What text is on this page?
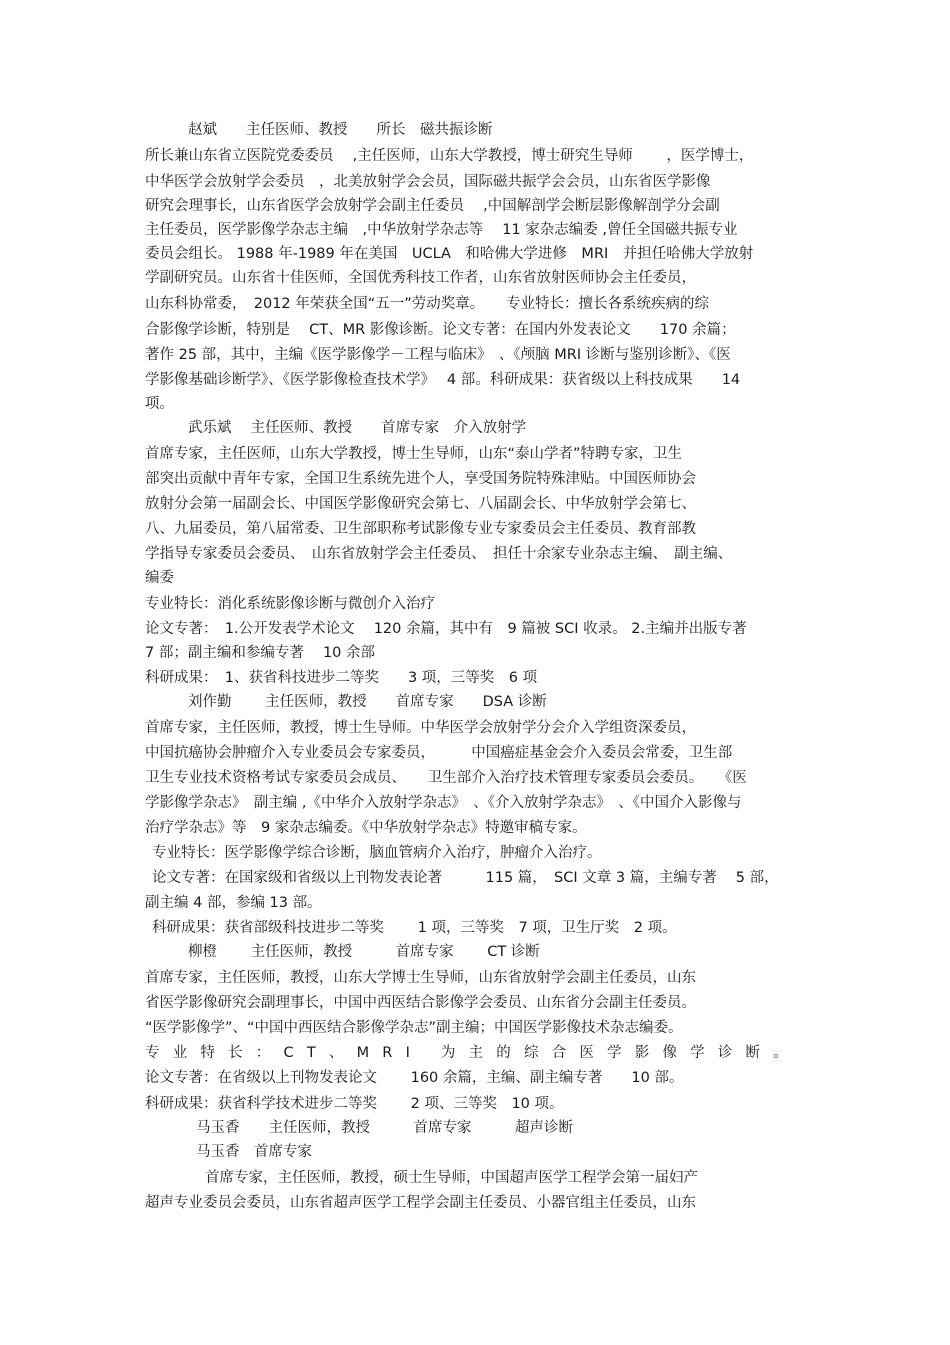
赵斌　　主任医师、教授　　所长　磁共振诊断
所长兼山东省立医院党委委员　 ,主任医师，山东大学教授，博士研究生导师　　 ，医学博士，
中华医学会放射学会委员　，北美放射学会会员，国际磁共振学会会员，山东省医学影像
研究会理事长，山东省医学会放射学会副主任委员　 ,中国解剖学会断层影像解剖学分会副
主任委员，医学影像学杂志主编　,中华放射学杂志等　 11 家杂志编委 ,曾任全国磁共振专业
委员会组长。 1988 年-1989 年在美国　UCLA　和哈佛大学进修　MRI　并担任哈佛大学放射
学副研究员。山东省十佳医师，全国优秀科技工作者，山东省放射医师协会主任委员，
山东科协常委，　2012 年荣获全国“五一”劳动奖章。　　专业特长：擅长各系统疾病的综
合影像学诊断，特别是　 CT、MR 影像诊断。论文专著：在国内外发表论文　　170 余篇；
著作 25 部，其中，主编《医学影像学－工程与临床》　、《颅脑 MRI 诊断与鉴别诊断》、《医
学影像基础诊断学》、《医学影像检查技术学》　 4 部。科研成果：获省级以上科技成果　　14
项。
武乐斌　 主任医师、教授　　首席专家　介入放射学
首席专家，主任医师，山东大学教授，博士生导师，山东“泰山学者”特聘专家，卫生
部突出贡献中青年专家，全国卫生系统先进个人，享受国务院特殊津贴。中国医师协会
放射分会第一届副会长、中国医学影像研究会第七、八届副会长、中华放射学会第七、
八、九届委员，第八届常委、卫生部职称考试影像专业专家委员会主任委员、教育部教
学指导专家委员会委员、　山东省放射学会主任委员、　担任十余家专业杂志主编、　副主编、
编委
专业特长：消化系统影像诊断与微创介入治疗
论文专著：　1.公开发表学术论文　 120 余篇，其中有　9 篇被 SCI 收录。 2.主编并出版专著
7 部；副主编和参编专著　 10 余部
科研成果：　1、获省科技进步二等奖　　3 项，三等奖　6 项
刘作勤　　 主任医师，教授　　首席专家　　DSA 诊断
首席专家，主任医师，教授，博士生导师。中华医学会放射学分会介入学组资深委员，
中国抗癌协会肿瘤介入专业委员会专家委员，　　　中国癌症基金会介入委员会常委，卫生部
卫生专业技术资格考试专家委员会成员、　　卫生部介入治疗技术管理专家委员会委员。　　《医
学影像学杂志》　副主编 ,《中华介入放射学杂志》　、《介入放射学杂志》　、《中国介入影像与
治疗学杂志》等　9 家杂志编委。《中华放射学杂志》特邀审稿专家。
专业特长：医学影像学综合诊断，脑血管病介入治疗，肿瘤介入治疗。
论文专著：在国家级和省级以上刊物发表论著　　　115 篇，　SCI 文章 3 篇，主编专著　 5 部，
副主编 4 部，参编 13 部。
科研成果：获省部级科技进步二等奖　　 1 项，三等奖　7 项，卫生厅奖　2 项。
柳橙　　 主任医师，教授　　　首席专家　　 CT 诊断
首席专家，主任医师，教授，山东大学博士生导师，山东省放射学会副主任委员，山东
省医学影像研究会副理事长，中国中西医结合影像学会委员、山东省分会副主任委员。
“医学影像学”、“中国中西医结合影像学杂志”副主编；中国医学影像技术杂志编委。
专业特长：CT、MRI 为主的综合医学影像学诊断。
论文专著：在省级以上刊物发表论文　　 160 余篇，主编、副主编专著　　10 部。
科研成果：获省科学技术进步二等奖　　 2 项、三等奖　10 项。
马玉香　　主任医师，教授　　　首席专家　　　超声诊断
马玉香　首席专家
首席专家，主任医师，教授，硕士生导师，中国超声医学工程学会第一届妇产
超声专业委员会委员，山东省超声医学工程学会副主任委员、小器官组主任委员，山东
